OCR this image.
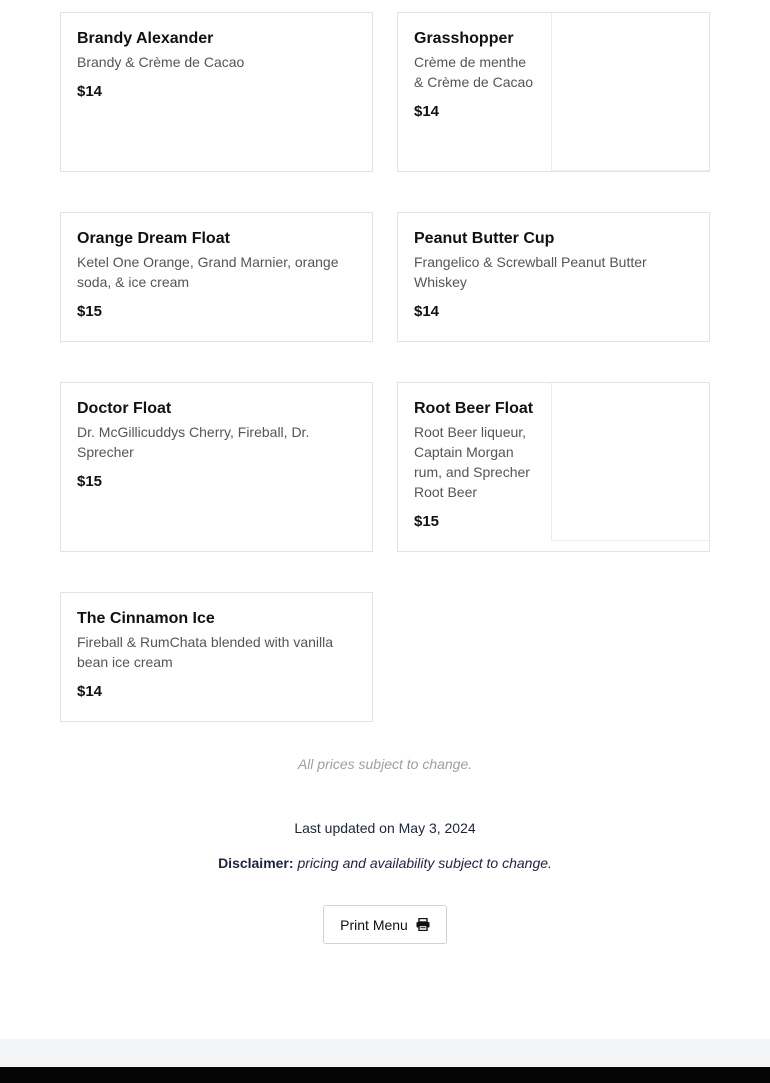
Brandy Alexander
Brandy & Crème de Cacao
$14
Grasshopper
Crème de menthe & Crème de Cacao
$14
Orange Dream Float
Ketel One Orange, Grand Marnier, orange soda, & ice cream
$15
Peanut Butter Cup
Frangelico & Screwball Peanut Butter Whiskey
$14
Doctor Float
Dr. McGillicuddys Cherry, Fireball, Dr. Sprecher
$15
Root Beer Float
Root Beer liqueur, Captain Morgan rum, and Sprecher Root Beer
$15
The Cinnamon Ice
Fireball & RumChata blended with vanilla bean ice cream
$14
All prices subject to change.
Last updated on May 3, 2024
Disclaimer: pricing and availability subject to change.
Print Menu
